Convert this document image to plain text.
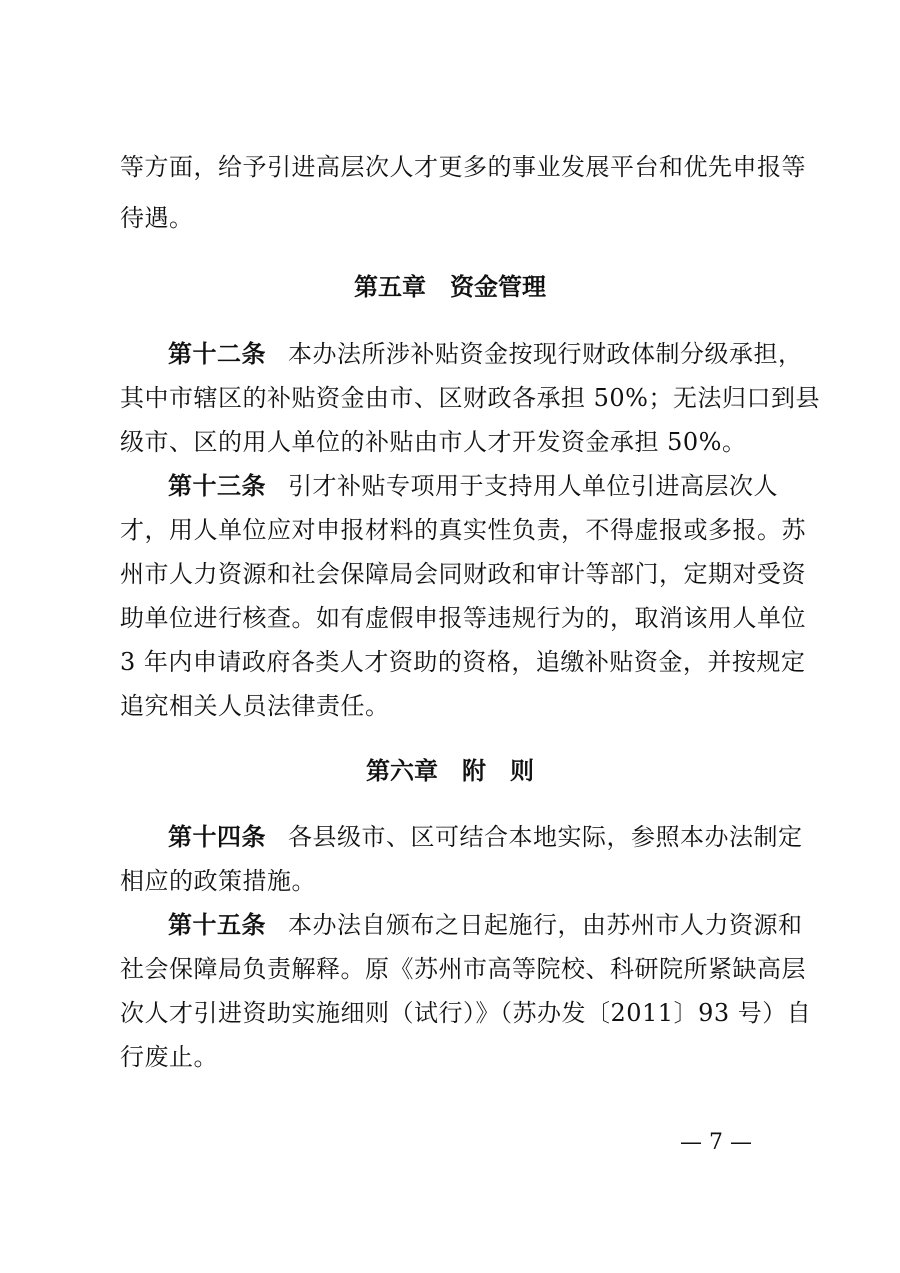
等方面，给予引进高层次人才更多的事业发展平台和优先申报等
待遇。
第五章　资金管理
第十二条 本办法所涉补贴资金按现行财政体制分级承担，
其中市辖区的补贴资金由市、区财政各承担 50%；无法归口到县
级市、区的用人单位的补贴由市人才开发资金承担 50%。
第十三条 引才补贴专项用于支持用人单位引进高层次人
才，用人单位应对申报材料的真实性负责，不得虚报或多报。苏
州市人力资源和社会保障局会同财政和审计等部门，定期对受资
助单位进行核查。如有虚假申报等违规行为的，取消该用人单位
3 年内申请政府各类人才资助的资格，追缴补贴资金，并按规定
追究相关人员法律责任。
第六章　附　则
第十四条 各县级市、区可结合本地实际，参照本办法制定
相应的政策措施。
第十五条 本办法自颁布之日起施行，由苏州市人力资源和
社会保障局负责解释。原《苏州市高等院校、科研院所紧缺高层
次人才引进资助实施细则（试行）》（苏办发〔2011〕93 号）自
行废止。
— 7 —
